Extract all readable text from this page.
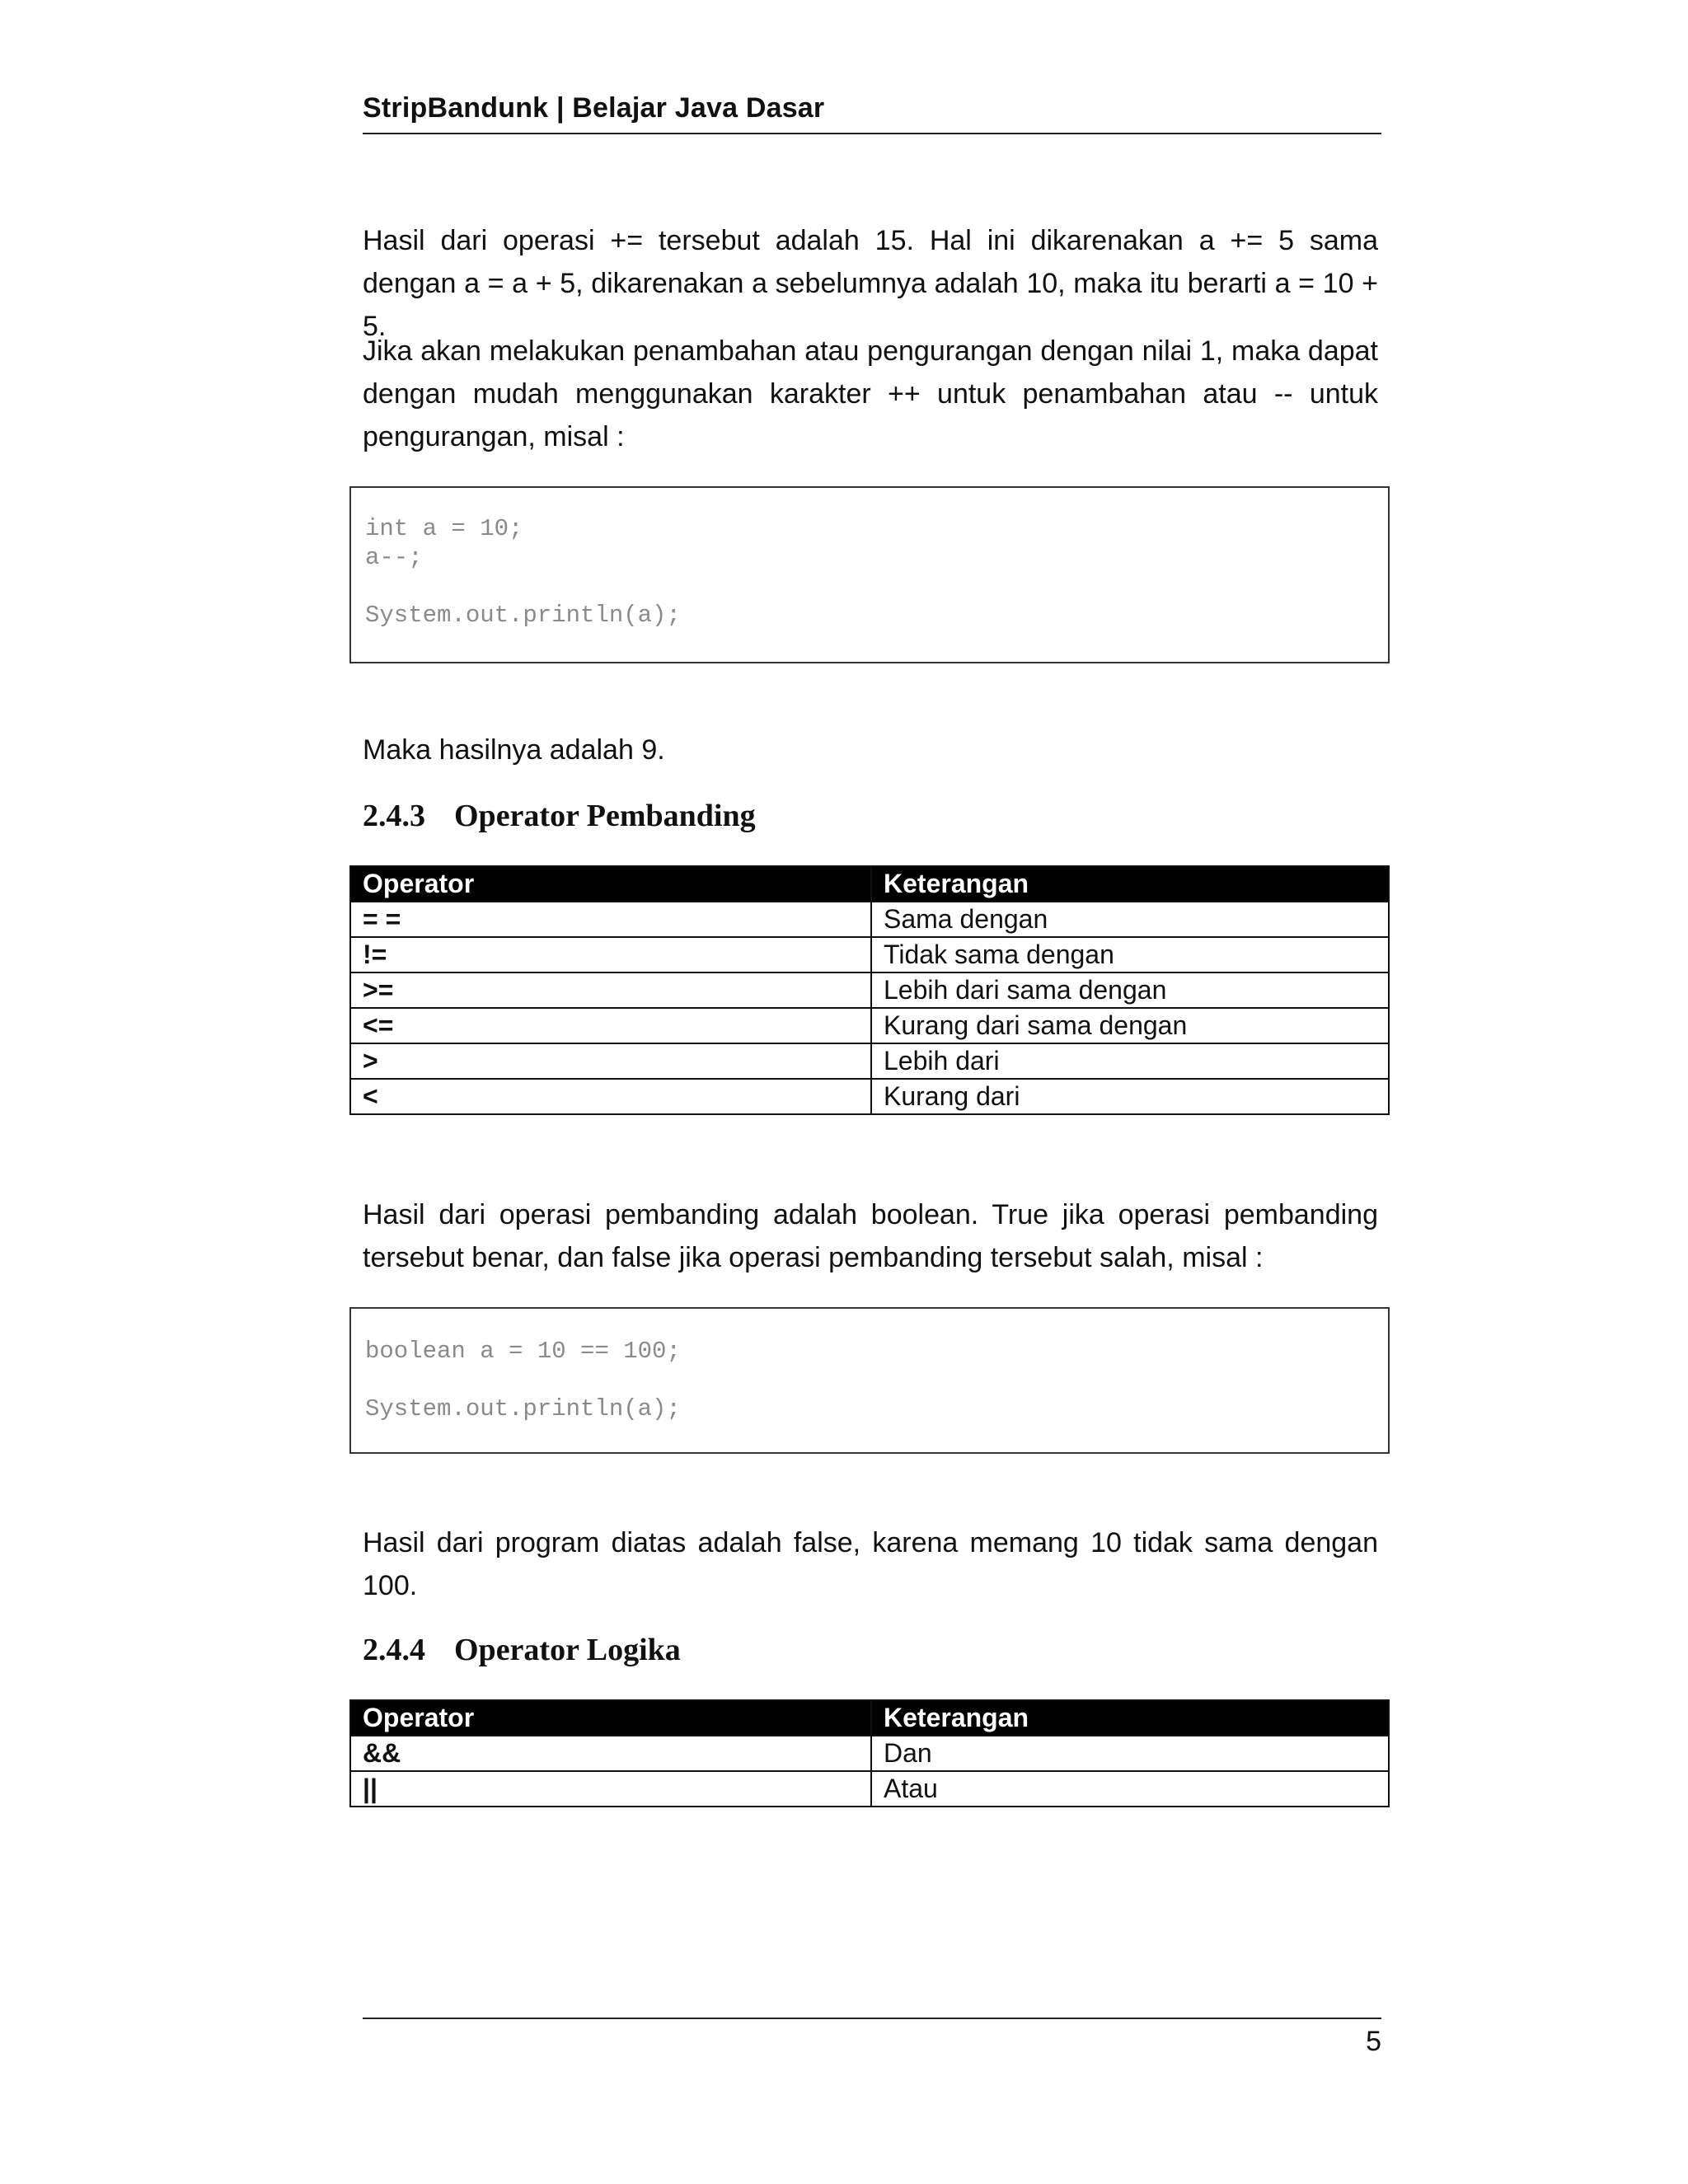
StripBandunk | Belajar Java Dasar
Hasil dari operasi += tersebut adalah 15. Hal ini dikarenakan a += 5 sama dengan a = a + 5, dikarenakan a sebelumnya adalah 10, maka itu berarti a = 10 + 5.
Jika akan melakukan penambahan atau pengurangan dengan nilai 1, maka dapat dengan mudah menggunakan karakter ++ untuk penambahan atau -- untuk pengurangan, misal :
int a = 10;
a--;
System.out.println(a);
Maka hasilnya adalah 9.
2.4.3 Operator Pembanding
Operator	Keterangan
= =	Sama dengan
!=	Tidak sama dengan
>=	Lebih dari sama dengan
<=	Kurang dari sama dengan
>	Lebih dari
<	Kurang dari
Hasil dari operasi pembanding adalah boolean. True jika operasi pembanding tersebut benar, dan false jika operasi pembanding tersebut salah, misal :
boolean a = 10 == 100;
System.out.println(a);
Hasil dari program diatas adalah false, karena memang 10 tidak sama dengan 100.
2.4.4 Operator Logika
Operator	Keterangan
&&	Dan
||	Atau
5
